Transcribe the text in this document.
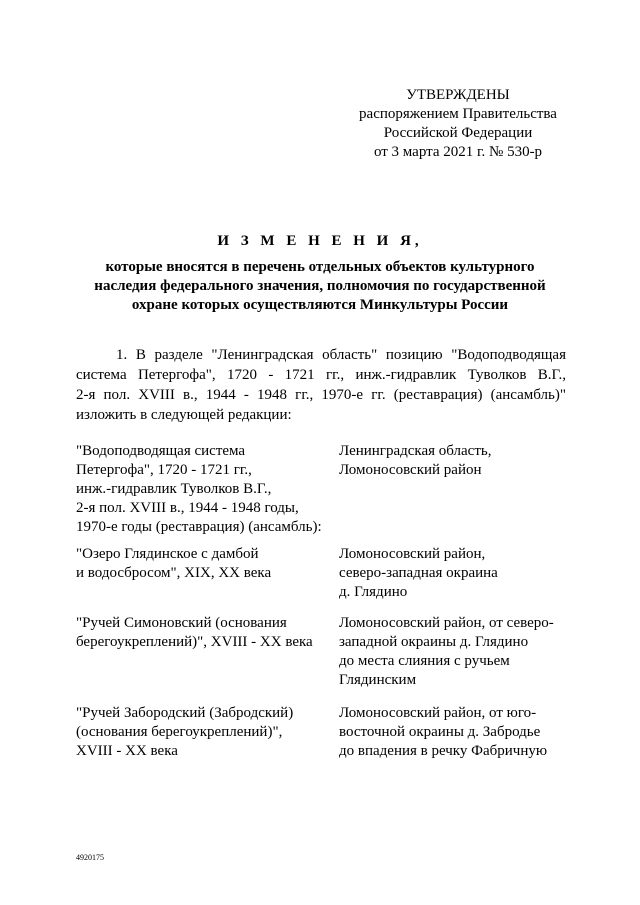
УТВЕРЖДЕНЫ
распоряжением Правительства
Российской Федерации
от 3 марта 2021 г. № 530-р
И З М Е Н Е Н И Я,
которые вносятся в перечень отдельных объектов культурного
наследия федерального значения, полномочия по государственной
охране которых осуществляются Минкультуры России
1. В разделе "Ленинградская область" позицию "Водоподводящая
система Петергофа", 1720 - 1721 гг., инж.-гидравлик Туволков В.Г.,
2-я пол. XVIII в., 1944 - 1948 гг., 1970-е гг. (реставрация) (ансамбль)"
изложить в следующей редакции:
"Водоподводящая система
Петергофа", 1720 - 1721 гг.,
инж.-гидравлик Туволков В.Г.,
2-я пол. XVIII в., 1944 - 1948 годы,
1970-е годы (реставрация) (ансамбль):
Ленинградская область,
Ломоносовский район
"Озеро Глядинское с дамбой
и водосбросом", XIX, XX века
Ломоносовский район,
северо-западная окраина
д. Глядино
"Ручей Симоновский (основания
берегоукреплений)", XVIII - XX века
Ломоносовский район, от северо-
западной окраины д. Глядино
до места слияния с ручьем
Глядинским
"Ручей Забородский (Забродский)
(основания берегоукреплений)",
XVIII - XX века
Ломоносовский район, от юго-
восточной окраины д. Забродье
до впадения в речку Фабричную
4920175
